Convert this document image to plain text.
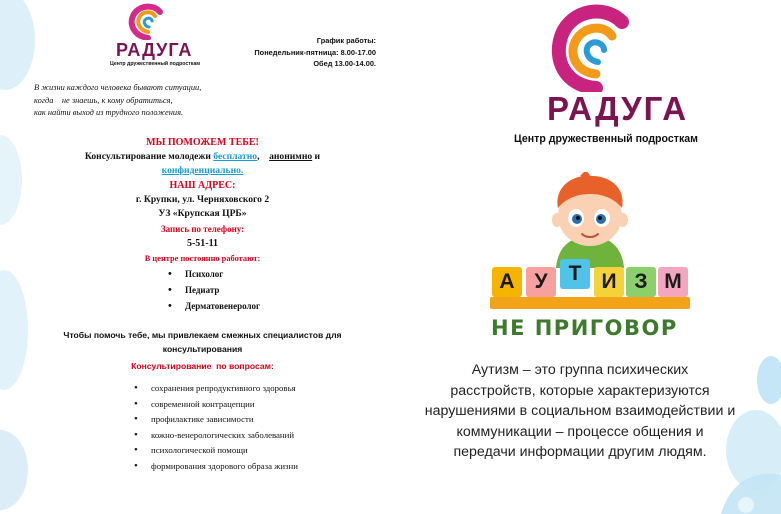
РАДУГА
Центр дружественный подросткам
График работы:
Понедельник-пятница: 8.00-17.00
Обед 13.00-14.00.
В жизни каждого человека бывают ситуации,
когда    не знаешь, к кому обратиться,
как найти выход из трудного положения.
МЫ ПОМОЖЕМ ТЕБЕ!
Консультирование молодежи бесплатно,    анонимно и
конфиденциально.
НАШ АДРЕС:
г. Крупки, ул. Черняховского 2
УЗ «Крупская ЦРБ»
Запись по телефону:
5-51-11
В центре постоянно работают:
• Психолог
• Педиатр
• Дерматовенеролог
Чтобы помочь тебе, мы привлекаем смежных специалистов для
консультирования
Консультирование  по вопросам:
• сохранения репродуктивного здоровья
• современной контрацепции
• профилактике зависимости
• кожно-венерологических заболеваний
• психологической помощи
• формирования здорового образа жизни
РАДУГА
Центр дружественный подросткам
А У	Т И З М
НЕ ПРИГОВОР
Аутизм – это группа психических
расстройств, которые характеризуются
нарушениями в социальном взаимодействии и
коммуникации – процессе общения и
передачи информации другим людям.
